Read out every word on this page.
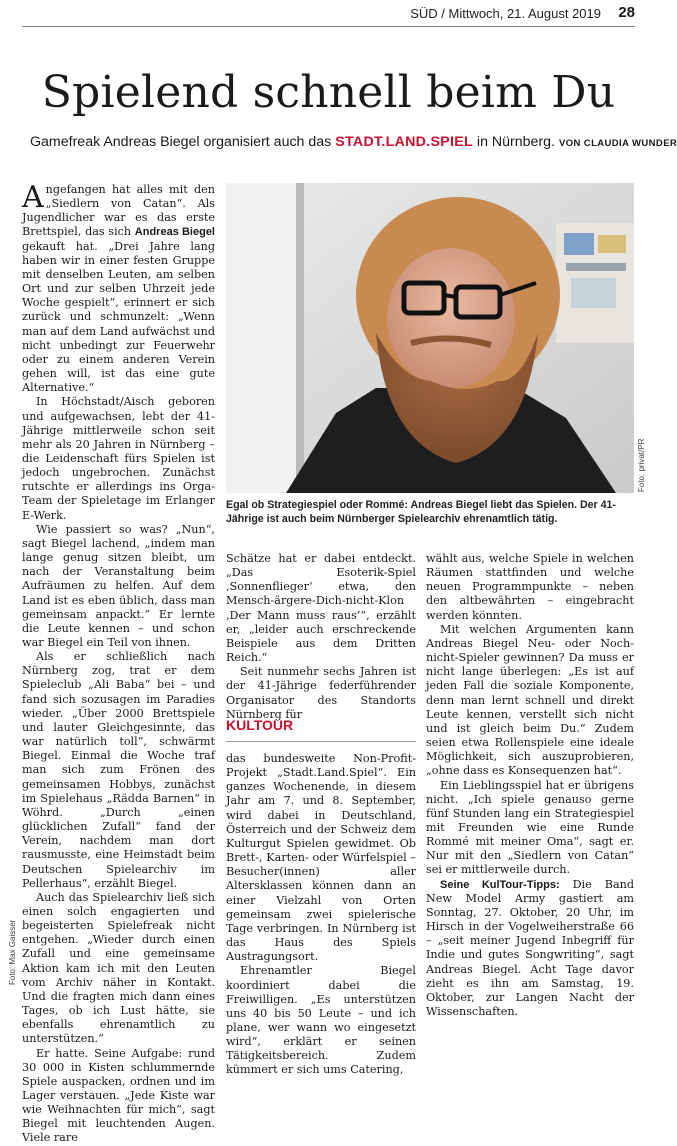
SÜD / Mittwoch, 21. August 2019 28
Spielend schnell beim Du
Gamefreak Andreas Biegel organisiert auch das STADT.LAND.SPIEL in Nürnberg. VON CLAUDIA WUNDER

Angefangen hat alles mit den „Siedlern von Catan“. Als Jugendlicher war es das erste Brettspiel, das sich Andreas Biegel gekauft hat. „Drei Jahre lang haben wir in einer festen Gruppe mit denselben Leuten, am selben Ort und zur selben Uhrzeit jede Woche gespielt“, erinnert er sich zurück und schmunzelt: „Wenn man auf dem Land aufwächst und nicht unbedingt zur Feuerwehr oder zu einem anderen Verein gehen will, ist das eine gute Alternative.“

In Höchstadt/Aisch geboren und aufgewachsen, lebt der 41-Jährige mittlerweile schon seit mehr als 20 Jahren in Nürnberg – die Leidenschaft fürs Spielen ist jedoch ungebrochen. Zunächst rutschte er allerdings ins Orga-Team der Spieletage im Erlanger E-Werk.

Wie passiert so was? „Nun“, sagt Biegel lachend, „indem man lange genug sitzen bleibt, um nach der Veranstaltung beim Aufräumen zu helfen. Auf dem Land ist es eben üblich, dass man gemeinsam anpackt.“ Er lernte die Leute kennen – und schon war Biegel ein Teil von ihnen.

Als er schließlich nach Nürnberg zog, trat er dem Spieleclub „Ali Baba“ bei – und fand sich sozusagen im Paradies wieder. „Über 2000 Brettspiele und lauter Gleichgesinnte, das war natürlich toll“, schwärmt Biegel. Einmal die Woche traf man sich zum Frönen des gemeinsamen Hobbys, zunächst im Spielehaus „Rädda Barnen“ in Wöhrd. „Durch „einen glücklichen Zufall“ fand der Verein, nachdem man dort rausmusste, eine Heimstadt beim Deutschen Spielearchiv im Pellerhaus“, erzählt Biegel.

Auch das Spielearchiv ließ sich einen solch engagierten und begeisterten Spielefreak nicht entgehen. „Wieder durch einen Zufall und eine gemeinsame Aktion kam ich mit den Leuten vom Archiv näher in Kontakt. Und die fragten mich dann eines Tages, ob ich Lust hätte, sie ebenfalls ehrenamtlich zu unterstützen.“

Er hatte. Seine Aufgabe: rund 30 000 in Kisten schlummernde Spiele auspacken, ordnen und im Lager verstauen. „Jede Kiste war wie Weihnachten für mich“, sagt Biegel mit leuchtenden Augen. Viele rare

Foto: Max Gaisser
Foto: privat/PR
Egal ob Strategiespiel oder Rommé: Andreas Biegel liebt das Spielen. Der 41-Jährige ist auch beim Nürnberger Spielearchiv ehrenamtlich tätig.

Schätze hat er dabei entdeckt. „Das Esoterik-Spiel ‚Sonnenflieger‘ etwa, den Mensch-ärgere-Dich-nicht-Klon ‚Der Mann muss raus‘“, erzählt er, „leider auch erschreckende Beispiele aus dem Dritten Reich.“

Seit nunmehr sechs Jahren ist der 41-Jährige federführender Organisator des Standorts Nürnberg für

KULTOUR

das bundesweite Non-Profit-Projekt „Stadt.Land.Spiel“. Ein ganzes Wochenende, in diesem Jahr am 7. und 8. September, wird dabei in Deutschland, Österreich und der Schweiz dem Kulturgut Spielen gewidmet. Ob Brett-, Karten- oder Würfelspiel – Besucher(innen) aller Altersklassen können dann an einer Vielzahl von Orten gemeinsam zwei spielerische Tage verbringen. In Nürnberg ist das Haus des Spiels Austragungsort.

Ehrenamtler Biegel koordiniert dabei die Freiwilligen. „Es unterstützen uns 40 bis 50 Leute – und ich plane, wer wann wo eingesetzt wird“, erklärt er seinen Tätigkeitsbereich. Zudem kümmert er sich ums Catering,

wählt aus, welche Spiele in welchen Räumen stattfinden und welche neuen Programmpunkte – neben den altbewährten – eingebracht werden könnten.

Mit welchen Argumenten kann Andreas Biegel Neu- oder Noch-nicht-Spieler gewinnen? Da muss er nicht lange überlegen: „Es ist auf jeden Fall die soziale Komponente, denn man lernt schnell und direkt Leute kennen, verstellt sich nicht und ist gleich beim Du.“ Zudem seien etwa Rollenspiele eine ideale Möglichkeit, sich auszuprobieren, „ohne dass es Konsequenzen hat“.

Ein Lieblingsspiel hat er übrigens nicht. „Ich spiele genauso gerne fünf Stunden lang ein Strategiespiel mit Freunden wie eine Runde Rommé mit meiner Oma“, sagt er. Nur mit den „Siedlern von Catan“ sei er mittlerweile durch.

Seine KulTour-Tipps: Die Band New Model Army gastiert am Sonntag, 27. Oktober, 20 Uhr, im Hirsch in der Vogelweiherstraße 66 – „seit meiner Jugend Inbegriff für Indie und gutes Songwriting“, sagt Andreas Biegel. Acht Tage davor zieht es ihn am Samstag, 19. Oktober, zur Langen Nacht der Wissenschaften.
